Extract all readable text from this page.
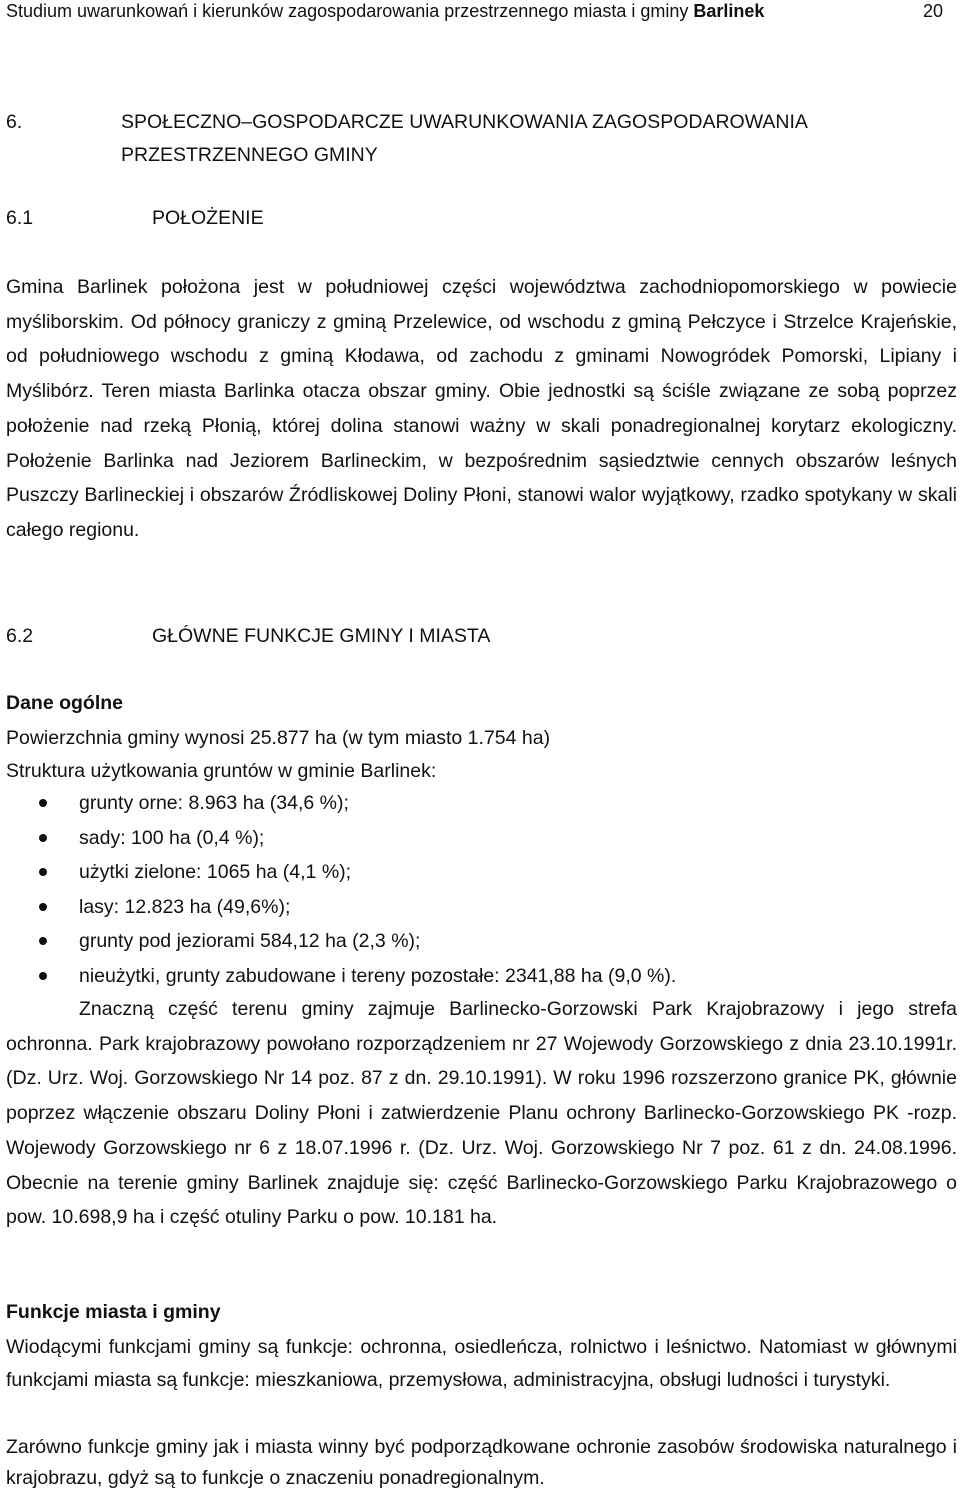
Studium uwarunkowań i kierunków zagospodarowania przestrzennego miasta i gminy Barlinek	20
6.	SPOŁECZNO–GOSPODARCZE UWARUNKOWANIA ZAGOSPODAROWANIA PRZESTRZENNEGO GMINY
6.1	POŁOŻENIE
Gmina Barlinek położona jest w południowej części województwa zachodniopomorskiego w powiecie myśliborskim. Od północy graniczy z gminą Przelewice, od wschodu z gminą Pełczyce i Strzelce Krajeńskie, od południowego wschodu z gminą Kłodawa, od zachodu z gminami Nowogródek Pomorski, Lipiany i Myślibórz. Teren miasta Barlinka otacza obszar gminy. Obie jednostki są ściśle związane ze sobą poprzez położenie nad rzeką Płonią, której dolina stanowi ważny w skali ponadregionalnej korytarz ekologiczny. Położenie Barlinka nad Jeziorem Barlineckim, w bezpośrednim sąsiedztwie cennych obszarów leśnych Puszczy Barlineckiej i obszarów Źródliskowej Doliny Płoni, stanowi walor wyjątkowy, rzadko spotykany w skali całego regionu.
6.2	GŁÓWNE FUNKCJE GMINY I MIASTA
Dane ogólne
Powierzchnia gminy wynosi 25.877 ha (w tym miasto 1.754 ha)
Struktura użytkowania gruntów w gminie Barlinek:
grunty orne: 8.963 ha (34,6 %);
sady: 100 ha (0,4 %);
użytki zielone: 1065 ha (4,1 %);
lasy: 12.823 ha (49,6%);
grunty pod jeziorami 584,12 ha (2,3 %);
nieużytki, grunty zabudowane i tereny pozostałe: 2341,88 ha (9,0 %).
Znaczną część terenu gminy zajmuje Barlinecko-Gorzowski Park Krajobrazowy i jego strefa ochronna. Park krajobrazowy powołano rozporządzeniem nr 27 Wojewody Gorzowskiego z dnia 23.10.1991r. (Dz. Urz. Woj. Gorzowskiego Nr 14 poz. 87 z dn. 29.10.1991). W roku 1996 rozszerzono granice PK, głównie poprzez włączenie obszaru Doliny Płoni i zatwierdzenie Planu ochrony Barlinecko-Gorzowskiego PK -rozp. Wojewody Gorzowskiego nr 6 z 18.07.1996 r. (Dz. Urz. Woj. Gorzowskiego Nr 7 poz. 61 z dn. 24.08.1996. Obecnie na terenie gminy Barlinek znajduje się: część Barlinecko-Gorzowskiego Parku Krajobrazowego o pow. 10.698,9 ha i część otuliny Parku o pow. 10.181 ha.
Funkcje miasta i gminy
Wiodącymi funkcjami gminy są funkcje: ochronna, osiedleńcza, rolnictwo i leśnictwo. Natomiast w głównymi funkcjami miasta są funkcje: mieszkaniowa, przemysłowa, administracyjna, obsługi ludności i turystyki.
Zarówno funkcje gminy jak i miasta winny być podporządkowane ochronie zasobów środowiska naturalnego i krajobrazu, gdyż są to funkcje o znaczeniu ponadregionalnym.
